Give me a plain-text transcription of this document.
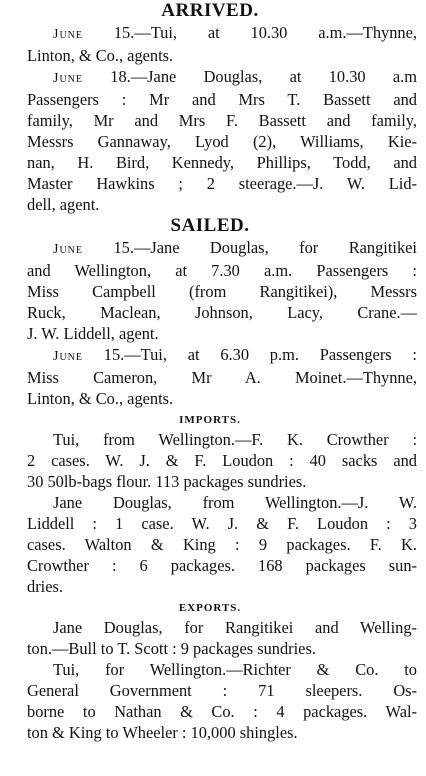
ARRIVED.

June 15.—Tui, at 10.30 a.m.—Thynne,
Linton, & Co., agents.

June 18.—Jane Douglas, at 10.30 a.m
Passengers : Mr and Mrs T. Bassett and
family, Mr and Mrs F. Bassett and family,
Messrs Gannaway, Lyod (2), Williams, Kie-
nan, H. Bird, Kennedy, Phillips, Todd, and
Master Hawkins ; 2 steerage.—J. W. Lid-
dell, agent.

SAILED.

June 15.—Jane Douglas, for Rangitikei
and Wellington, at 7.30 a.m. Passengers :
Miss Campbell (from Rangitikei), Messrs
Ruck, Maclean, Johnson, Lacy, Crane.—
J. W. Liddell, agent.

June 15.—Tui, at 6.30 p.m. Passengers :
Miss Cameron, Mr A. Moinet.—Thynne,
Linton, & Co., agents.

IMPORTS.

Tui, from Wellington.—F. K. Crowther :
2 cases. W. J. & F. Loudon : 40 sacks and
30 50lb-bags flour. 113 packages sundries.

Jane Douglas, from Wellington.—J. W.
Liddell : 1 case. W. J. & F. Loudon : 3
cases. Walton & King : 9 packages. F. K.
Crowther : 6 packages. 168 packages sun-
dries.

EXPORTS.

Jane Douglas, for Rangitikei and Welling-
ton.—Bull to T. Scott : 9 packages sundries.

Tui, for Wellington.—Richter & Co. to
General Government : 71 sleepers. Os-
borne to Nathan & Co. : 4 packages. Wal-
ton & King to Wheeler : 10,000 shingles.
